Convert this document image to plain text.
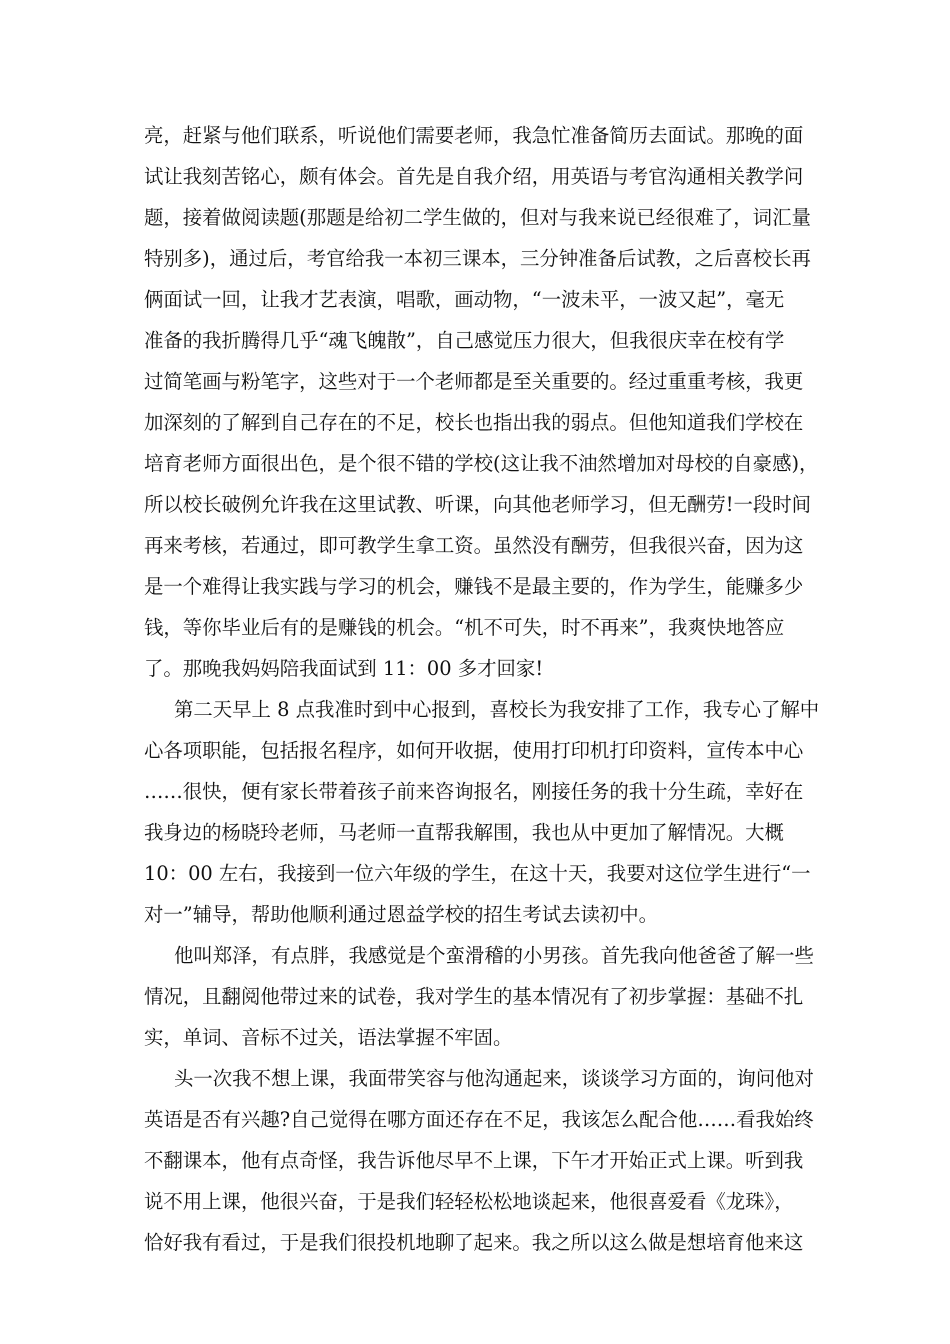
亮，赶紧与他们联系，听说他们需要老师，我急忙准备简历去面试。那晚的面
试让我刻苦铭心，颇有体会。首先是自我介绍，用英语与考官沟通相关教学问
题，接着做阅读题(那题是给初二学生做的，但对与我来说已经很难了，词汇量
特别多)，通过后，考官给我一本初三课本，三分钟准备后试教，之后喜校长再
俩面试一回，让我才艺表演，唱歌，画动物，“一波未平，一波又起”，毫无
准备的我折腾得几乎“魂飞魄散”，自己感觉压力很大，但我很庆幸在校有学
过简笔画与粉笔字，这些对于一个老师都是至关重要的。经过重重考核，我更
加深刻的了解到自己存在的不足，校长也指出我的弱点。但他知道我们学校在
培育老师方面很出色，是个很不错的学校(这让我不油然增加对母校的自豪感)，
所以校长破例允许我在这里试教、听课，向其他老师学习，但无酬劳!一段时间
再来考核，若通过，即可教学生拿工资。虽然没有酬劳，但我很兴奋，因为这
是一个难得让我实践与学习的机会，赚钱不是最主要的，作为学生，能赚多少
钱，等你毕业后有的是赚钱的机会。“机不可失，时不再来”，我爽快地答应
了。那晚我妈妈陪我面试到 11：00 多才回家!
第二天早上 8 点我准时到中心报到，喜校长为我安排了工作，我专心了解中
心各项职能，包括报名程序，如何开收据，使用打印机打印资料，宣传本中心
……很快，便有家长带着孩子前来咨询报名，刚接任务的我十分生疏，幸好在
我身边的杨晓玲老师，马老师一直帮我解围，我也从中更加了解情况。大概
10：00 左右，我接到一位六年级的学生，在这十天，我要对这位学生进行“一
对一”辅导，帮助他顺利通过恩益学校的招生考试去读初中。
他叫郑泽，有点胖，我感觉是个蛮滑稽的小男孩。首先我向他爸爸了解一些
情况，且翻阅他带过来的试卷，我对学生的基本情况有了初步掌握：基础不扎
实，单词、音标不过关，语法掌握不牢固。
头一次我不想上课，我面带笑容与他沟通起来，谈谈学习方面的，询问他对
英语是否有兴趣?自己觉得在哪方面还存在不足，我该怎么配合他……看我始终
不翻课本，他有点奇怪，我告诉他尽早不上课，下午才开始正式上课。听到我
说不用上课，他很兴奋，于是我们轻轻松松地谈起来，他很喜爱看《龙珠》，
恰好我有看过，于是我们很投机地聊了起来。我之所以这么做是想培育他来这
